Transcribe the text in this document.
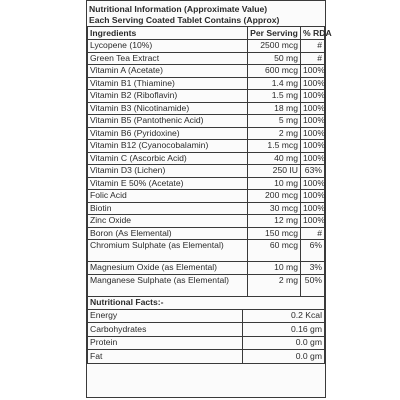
Nutritional Information (Approximate Value)
Each Serving Coated Tablet Contains (Approx)
Ingredients	Per Serving	% RDA
Lycopene (10%)	2500 mcg	#
Green Tea Extract	50 mg	#
Vitamin A (Acetate)	600 mcg	100%
Vitamin B1 (Thiamine)	1.4 mg	100%
Vitamin B2 (Riboflavin)	1.5 mg	100%
Vitamin B3 (Nicotinamide)	18 mg	100%
Vitamin B5 (Pantothenic Acid)	5 mg	100%
Vitamin B6 (Pyridoxine)	2 mg	100%
Vitamin B12 (Cyanocobalamin)	1.5 mcg	100%
Vitamin C (Ascorbic Acid)	40 mg	100%
Vitamin D3 (Lichen)	250 IU	63%
Vitamin E 50% (Acetate)	10 mg	100%
Folic Acid	200 mcg	100%
Biotin	30 mcg	100%
Zinc Oxide	12 mg	100%
Boron (As Elemental)	150 mcg	#
Chromium Sulphate (as Elemental)	60 mcg	6%
Magnesium Oxide (as Elemental)	10 mg	3%
Manganese Sulphate (as Elemental)	2 mg	50%
Nutritional Facts:-
Energy	0.2 Kcal
Carbohydrates	0.16 gm
Protein	0.0 gm
Fat	0.0 gm
